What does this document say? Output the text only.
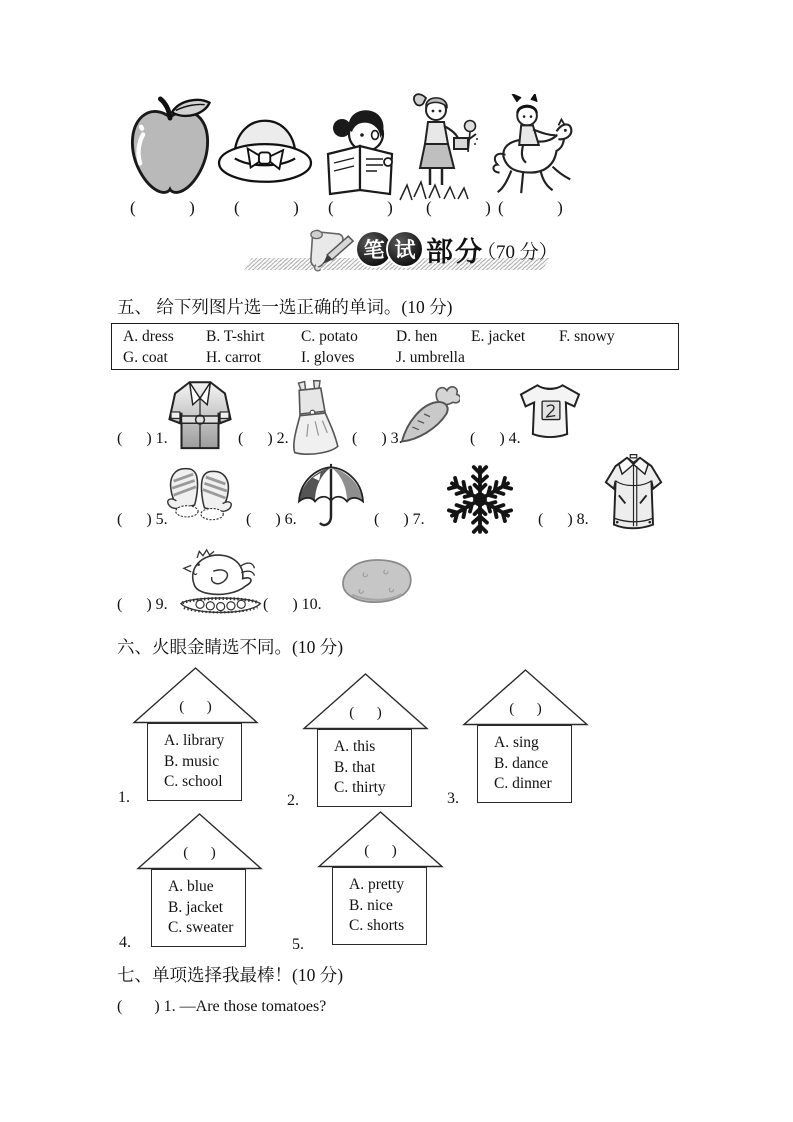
(          ) (          ) (          ) (          ) (          )
笔 试 部分
（70 分）
五、 给下列图片选一选正确的单词。(10 分)
A. dress	B. T-shirt	C. potato	D. hen	E. jacket	F. snowy
G. coat	H. carrot	I. gloves	J. umbrella
(      ) 1.	(      ) 2.	(      ) 3.	(      ) 4.
(      ) 5.	(      ) 6.	(      ) 7.	(      ) 8.
(      ) 9.	(      ) 10.
六、火眼金睛选不同。(10 分)
(      )
A. library
B. music
C. school
1.
(      )
A. this
B. that
C. thirty
2.
(      )
A. sing
B. dance
C. dinner
3.
(      )
A. blue
B. jacket
C. sweater
4.
(      )
A. pretty
B. nice
C. shorts
5.
七、单项选择我最棒！(10 分)
(        ) 1. —Are those tomatoes?
